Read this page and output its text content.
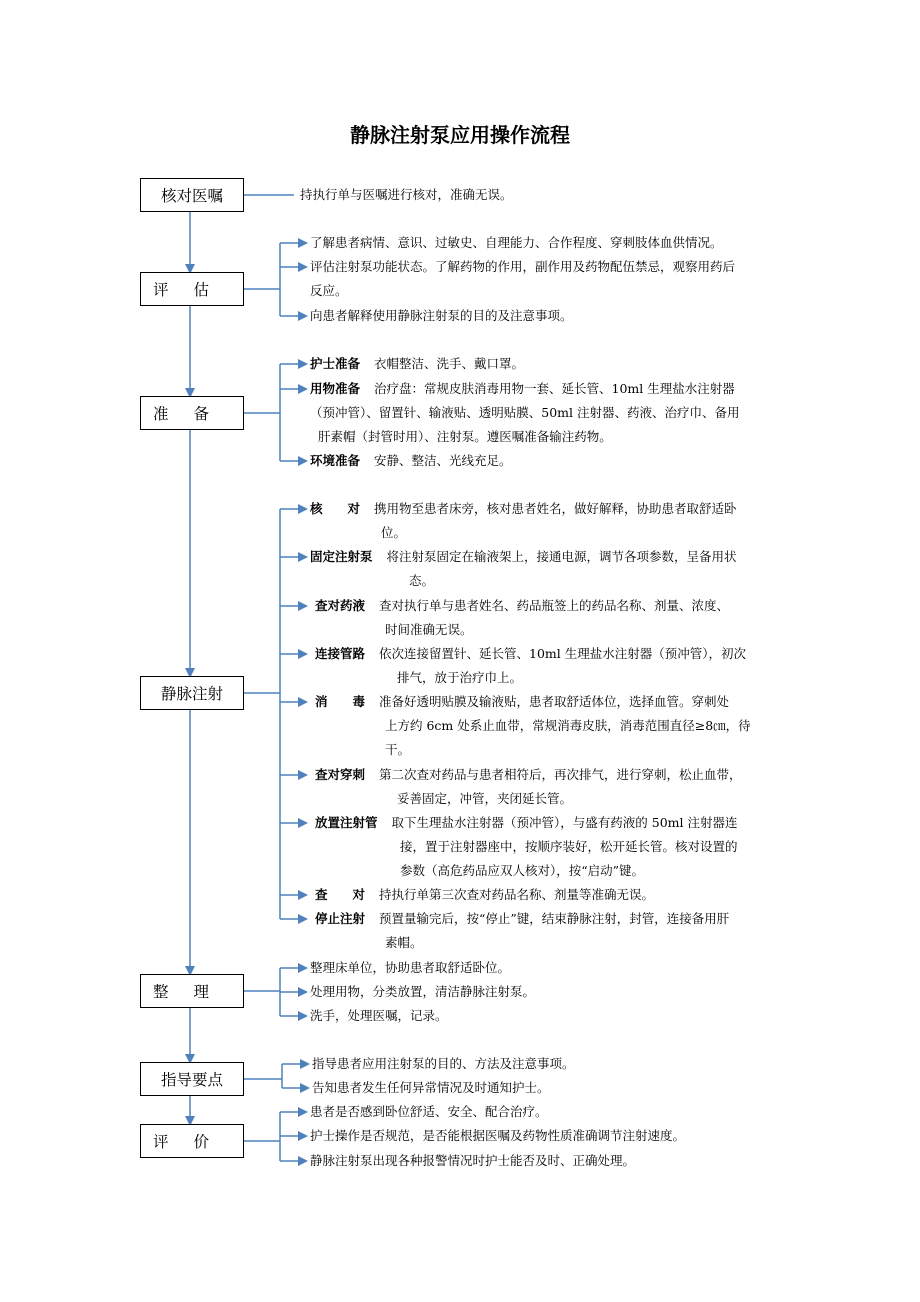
静脉注射泵应用操作流程
核对医嘱
评估
准备
静脉注射
整理
指导要点
评价
持执行单与医嘱进行核对，准确无误。
了解患者病情、意识、过敏史、自理能力、合作程度、穿刺肢体血供情况。
评估注射泵功能状态。了解药物的作用，副作用及药物配伍禁忌，观察用药后
反应。
向患者解释使用静脉注射泵的目的及注意事项。
护士准备 衣帽整洁、洗手、戴口罩。
用物准备 治疗盘：常规皮肤消毒用物一套、延长管、10ml 生理盐水注射器
（预冲管）、留置针、输液贴、透明贴膜、50ml 注射器、药液、治疗巾、备用
肝素帽（封管时用）、注射泵。遵医嘱准备输注药物。
环境准备 安静、整洁、光线充足。
核　　对 携用物至患者床旁，核对患者姓名，做好解释，协助患者取舒适卧
位。
固定注射泵 将注射泵固定在输液架上，接通电源，调节各项参数，呈备用状
态。
查对药液 查对执行单与患者姓名、药品瓶签上的药品名称、剂量、浓度、
时间准确无误。
连接管路 依次连接留置针、延长管、10ml 生理盐水注射器（预冲管），初次
排气，放于治疗巾上。
消　　毒 准备好透明贴膜及输液贴，患者取舒适体位，选择血管。穿刺处
上方约 6cm 处系止血带，常规消毒皮肤，消毒范围直径≥8㎝，待
干。
查对穿刺 第二次查对药品与患者相符后，再次排气，进行穿刺，松止血带，
妥善固定，冲管，夹闭延长管。
放置注射管 取下生理盐水注射器（预冲管），与盛有药液的 50ml 注射器连
接，置于注射器座中，按顺序装好，松开延长管。核对设置的
参数（高危药品应双人核对），按“启动”键。
查　　对 持执行单第三次查对药品名称、剂量等准确无误。
停止注射 预置量输完后，按“停止”键，结束静脉注射，封管，连接备用肝
素帽。
整理床单位，协助患者取舒适卧位。
处理用物，分类放置，清洁静脉注射泵。
洗手，处理医嘱，记录。
指导患者应用注射泵的目的、方法及注意事项。
告知患者发生任何异常情况及时通知护士。
患者是否感到卧位舒适、安全、配合治疗。
护士操作是否规范，是否能根据医嘱及药物性质准确调节注射速度。
静脉注射泵出现各种报警情况时护士能否及时、正确处理。
